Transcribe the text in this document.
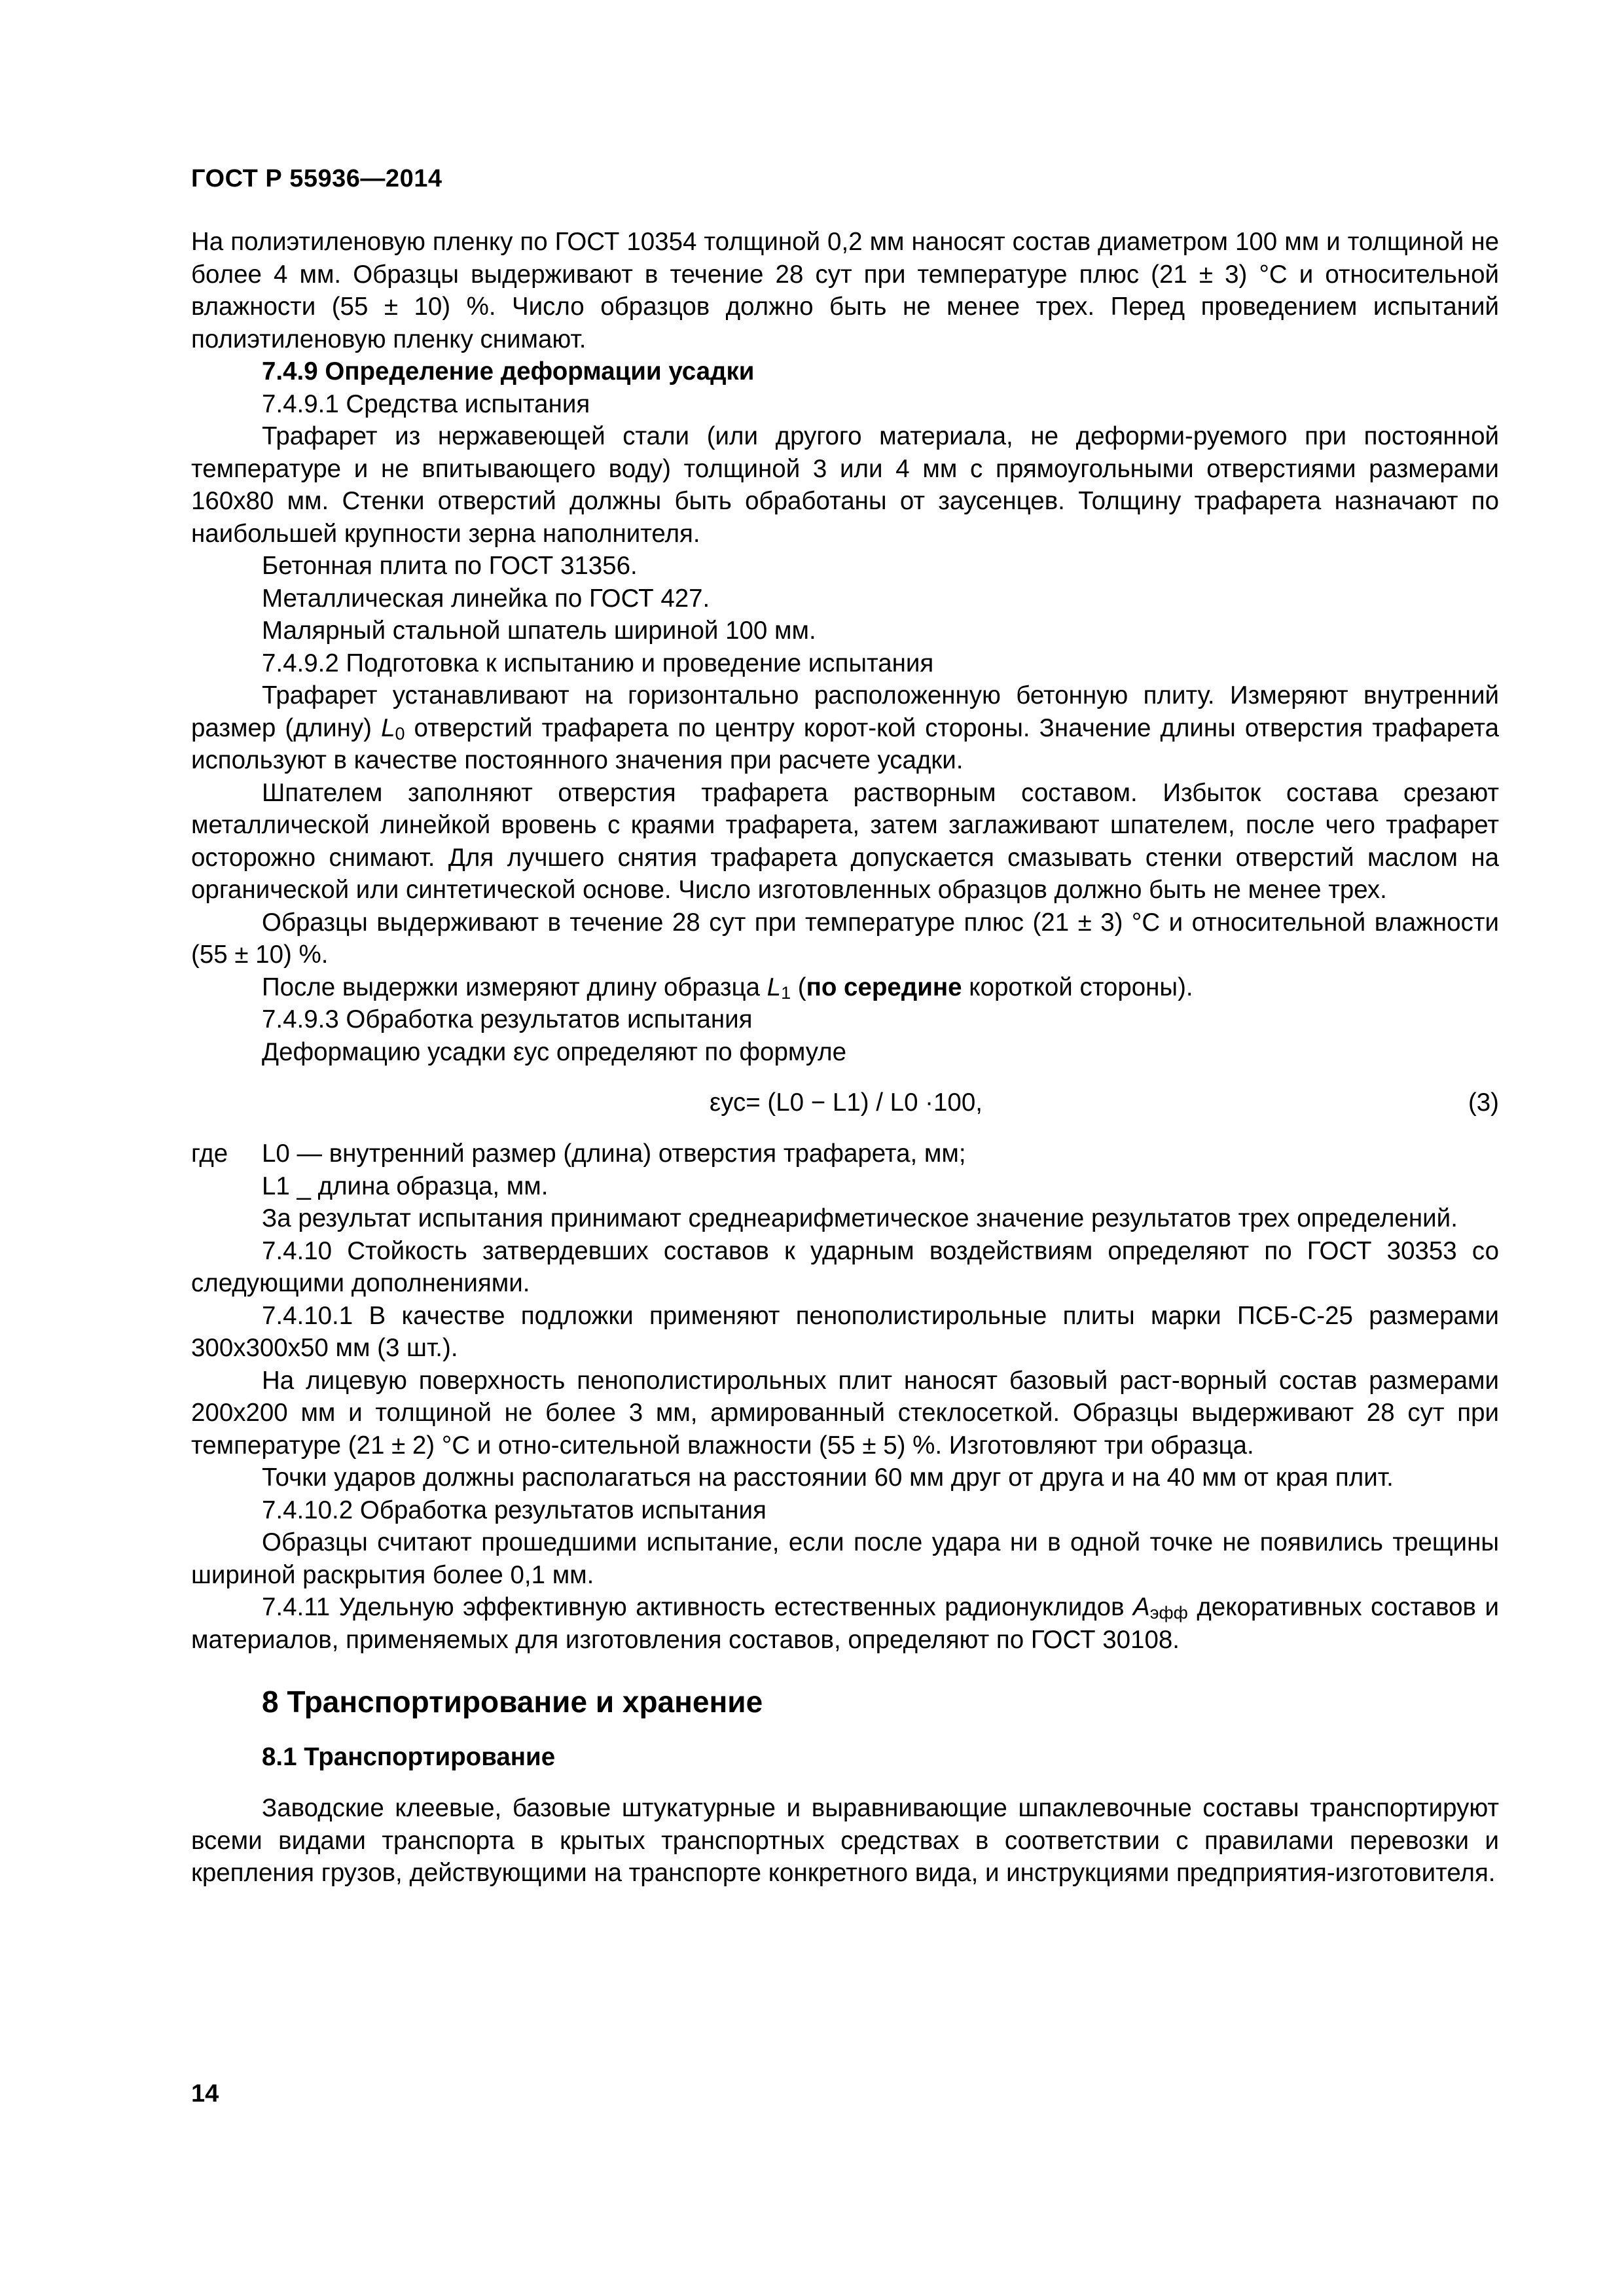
ГОСТ Р 55936—2014

На полиэтиленовую пленку по ГОСТ 10354 толщиной 0,2 мм наносят состав диаметром 100 мм и толщиной не более 4 мм. Образцы выдерживают в течение 28 сут при температуре плюс (21 ± 3) °С и относительной влажности (55 ± 10) %. Число образцов должно быть не менее трех. Перед проведением испытаний полиэтиленовую пленку снимают.

7.4.9 Определение деформации усадки

7.4.9.1 Средства испытания

Трафарет из нержавеющей стали (или другого материала, не деформи-руемого при постоянной температуре и не впитывающего воду) толщиной 3 или 4 мм с прямоугольными отверстиями размерами 160x80 мм. Стенки отверстий должны быть обработаны от заусенцев. Толщину трафарета назначают по наибольшей крупности зерна наполнителя.

Бетонная плита по ГОСТ 31356.

Металлическая линейка по ГОСТ 427.

Малярный стальной шпатель шириной 100 мм.

7.4.9.2 Подготовка к испытанию и проведение испытания

Трафарет устанавливают на горизонтально расположенную бетонную плиту. Измеряют внутренний размер (длину) $L_0$ отверстий трафарета по центру корот-кой стороны. Значение длины отверстия трафарета используют в качестве постоянного значения при расчете усадки.

Шпателем заполняют отверстия трафарета растворным составом. Избыток состава срезают металлической линейкой вровень с краями трафарета, затем заглаживают шпателем, после чего трафарет осторожно снимают. Для лучшего снятия трафарета допускается смазывать стенки отверстий маслом на органической или синтетической основе. Число изготовленных образцов должно быть не менее трех.

Образцы выдерживают в течение 28 сут при температуре плюс (21 ± 3) °С и относительной влажности (55 ± 10) %.

После выдержки измеряют длину образца $L_1$ (по середине короткой стороны).

7.4.9.3 Обработка результатов испытания

Деформацию усадки εус определяют по формуле

εус= (L0 − L1) / L0 ·100,	(3)
где	L0 — внутренний размер (длина) отверстия трафарета, мм;

L1 _ длина образца, мм.

За результат испытания принимают среднеарифметическое значение результатов трех определений.

7.4.10 Стойкость затвердевших составов к ударным воздействиям определяют по ГОСТ 30353 со следующими дополнениями.

7.4.10.1 В качестве подложки применяют пенополистирольные плиты марки ПСБ-С-25 размерами 300x300x50 мм (3 шт.).

На лицевую поверхность пенополистирольных плит наносят базовый раст-ворный состав размерами 200x200 мм и толщиной не более 3 мм, армированный стеклосеткой. Образцы выдерживают 28 сут при температуре (21 ± 2) °С и отно-сительной влажности (55 ± 5) %. Изготовляют три образца.

Точки ударов должны располагаться на расстоянии 60 мм друг от друга и на 40 мм от края плит.

7.4.10.2 Обработка результатов испытания

Образцы считают прошедшими испытание, если после удара ни в одной точке не появились трещины шириной раскрытия более 0,1 мм.

7.4.11 Удельную эффективную активность естественных радионуклидов $A_{эфф}$ декоративных составов и материалов, применяемых для изготовления составов, определяют по ГОСТ 30108.

8 Транспортирование и хранение
8.1 Транспортирование

Заводские клеевые, базовые штукатурные и выравнивающие шпаклевочные составы транспортируют всеми видами транспорта в крытых транспортных средствах в соответствии с правилами перевозки и крепления грузов, действующими на транспорте конкретного вида, и инструкциями предприятия-изготовителя.

14
